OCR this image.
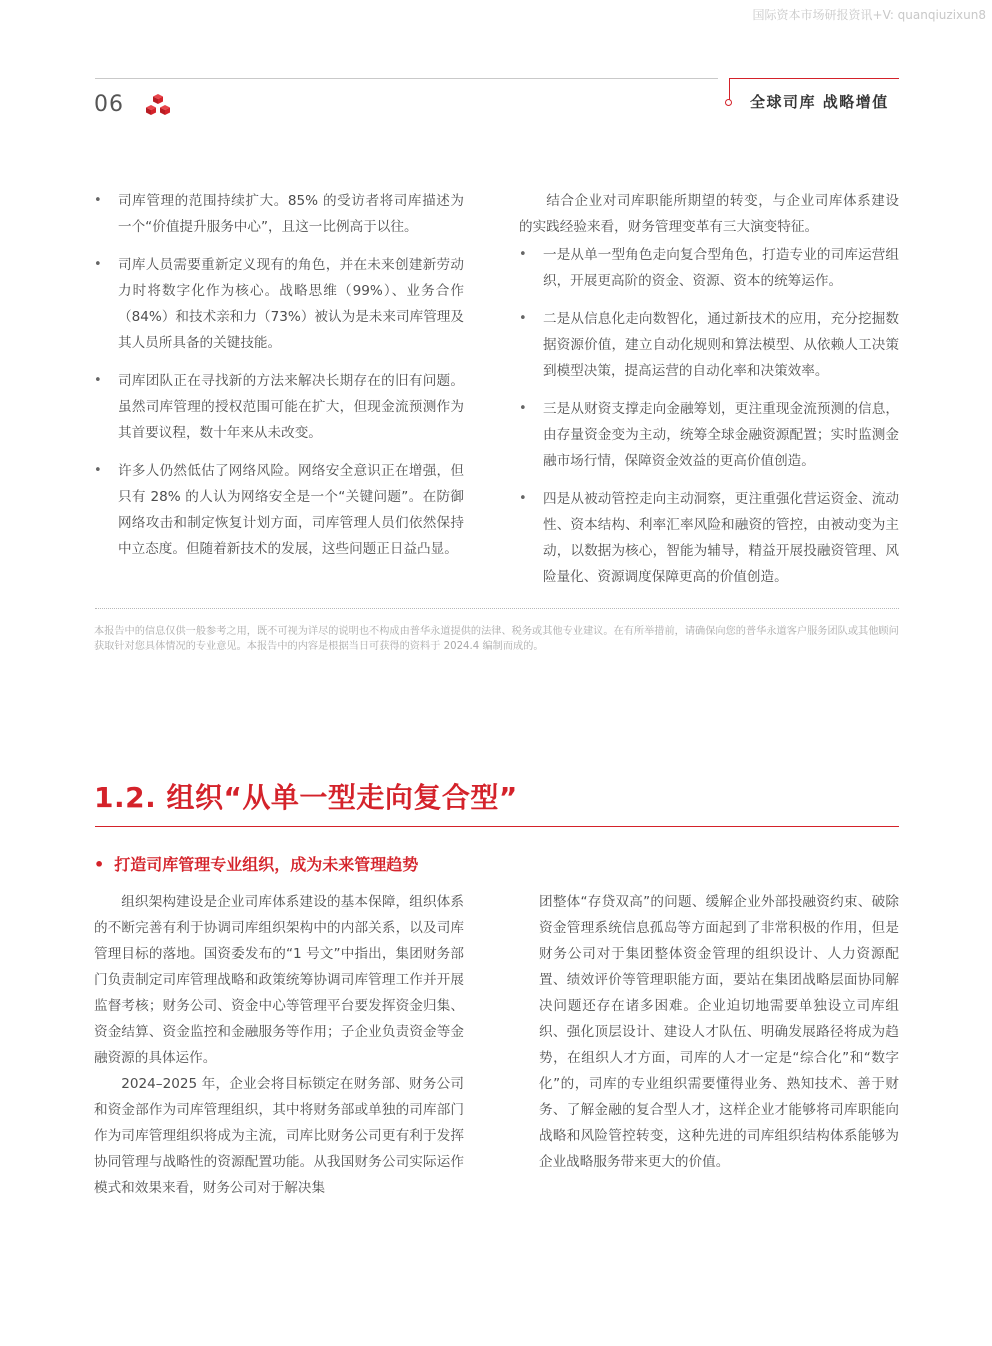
国际资本市场研报资讯+V: quanqiuzixun8
06	全球司库 战略增值
• 司库管理的范围持续扩大。85% 的受访者将司库描述为一个“价值提升服务中心”，且这一比例高于以往。
• 司库人员需要重新定义现有的角色，并在未来创建新劳动力时将数字化作为核心。战略思维（99%）、业务合作（84%）和技术亲和力（73%）被认为是未来司库管理及其人员所具备的关键技能。
• 司库团队正在寻找新的方法来解决长期存在的旧有问题。虽然司库管理的授权范围可能在扩大，但现金流预测作为其首要议程，数十年来从未改变。
• 许多人仍然低估了网络风险。网络安全意识正在增强，但只有 28% 的人认为网络安全是一个“关键问题”。在防御网络攻击和制定恢复计划方面，司库管理人员们依然保持中立态度。但随着新技术的发展，这些问题正日益凸显。

结合企业对司库职能所期望的转变，与企业司库体系建设的实践经验来看，财务管理变革有三大演变特征。

• 一是从单一型角色走向复合型角色，打造专业的司库运营组织，开展更高阶的资金、资源、资本的统筹运作。
• 二是从信息化走向数智化，通过新技术的应用，充分挖掘数据资源价值，建立自动化规则和算法模型、从依赖人工决策到模型决策，提高运营的自动化率和决策效率。
• 三是从财资支撑走向金融筹划，更注重现金流预测的信息，由存量资金变为主动，统筹全球金融资源配置；实时监测金融市场行情，保障资金效益的更高价值创造。
• 四是从被动管控走向主动洞察，更注重强化营运资金、流动性、资本结构、利率汇率风险和融资的管控，由被动变为主动，以数据为核心，智能为辅导，精益开展投融资管理、风险量化、资源调度保障更高的价值创造。
本报告中的信息仅供一般参考之用，既不可视为详尽的说明也不构成由普华永道提供的法律、税务或其他专业建议。在有所举措前，请确保向您的普华永道客户服务团队或其他顾问获取针对您具体情况的专业意见。本报告中的内容是根据当日可获得的资料于 2024.4 编制而成的。
1.2. 组织“从单一型走向复合型”
• 打造司库管理专业组织，成为未来管理趋势

组织架构建设是企业司库体系建设的基本保障，组织体系的不断完善有利于协调司库组织架构中的内部关系，以及司库管理目标的落地。国资委发布的“1 号文”中指出，集团财务部门负责制定司库管理战略和政策统筹协调司库管理工作并开展监督考核；财务公司、资金中心等管理平台要发挥资金归集、资金结算、资金监控和金融服务等作用；子企业负责资金等金融资源的具体运作。

2024–2025 年，企业会将目标锁定在财务部、财务公司和资金部作为司库管理组织，其中将财务部或单独的司库部门作为司库管理组织将成为主流，司库比财务公司更有利于发挥协同管理与战略性的资源配置功能。从我国财务公司实际运作模式和效果来看，财务公司对于解决集

团整体“存贷双高”的问题、缓解企业外部投融资约束、破除资金管理系统信息孤岛等方面起到了非常积极的作用，但是财务公司对于集团整体资金管理的组织设计、人力资源配置、绩效评价等管理职能方面，要站在集团战略层面协同解决问题还存在诸多困难。企业迫切地需要单独设立司库组织、强化顶层设计、建设人才队伍、明确发展路径将成为趋势，在组织人才方面，司库的人才一定是“综合化”和“数字化”的，司库的专业组织需要懂得业务、熟知技术、善于财务、了解金融的复合型人才，这样企业才能够将司库职能向战略和风险管控转变，这种先进的司库组织结构体系能够为企业战略服务带来更大的价值。
